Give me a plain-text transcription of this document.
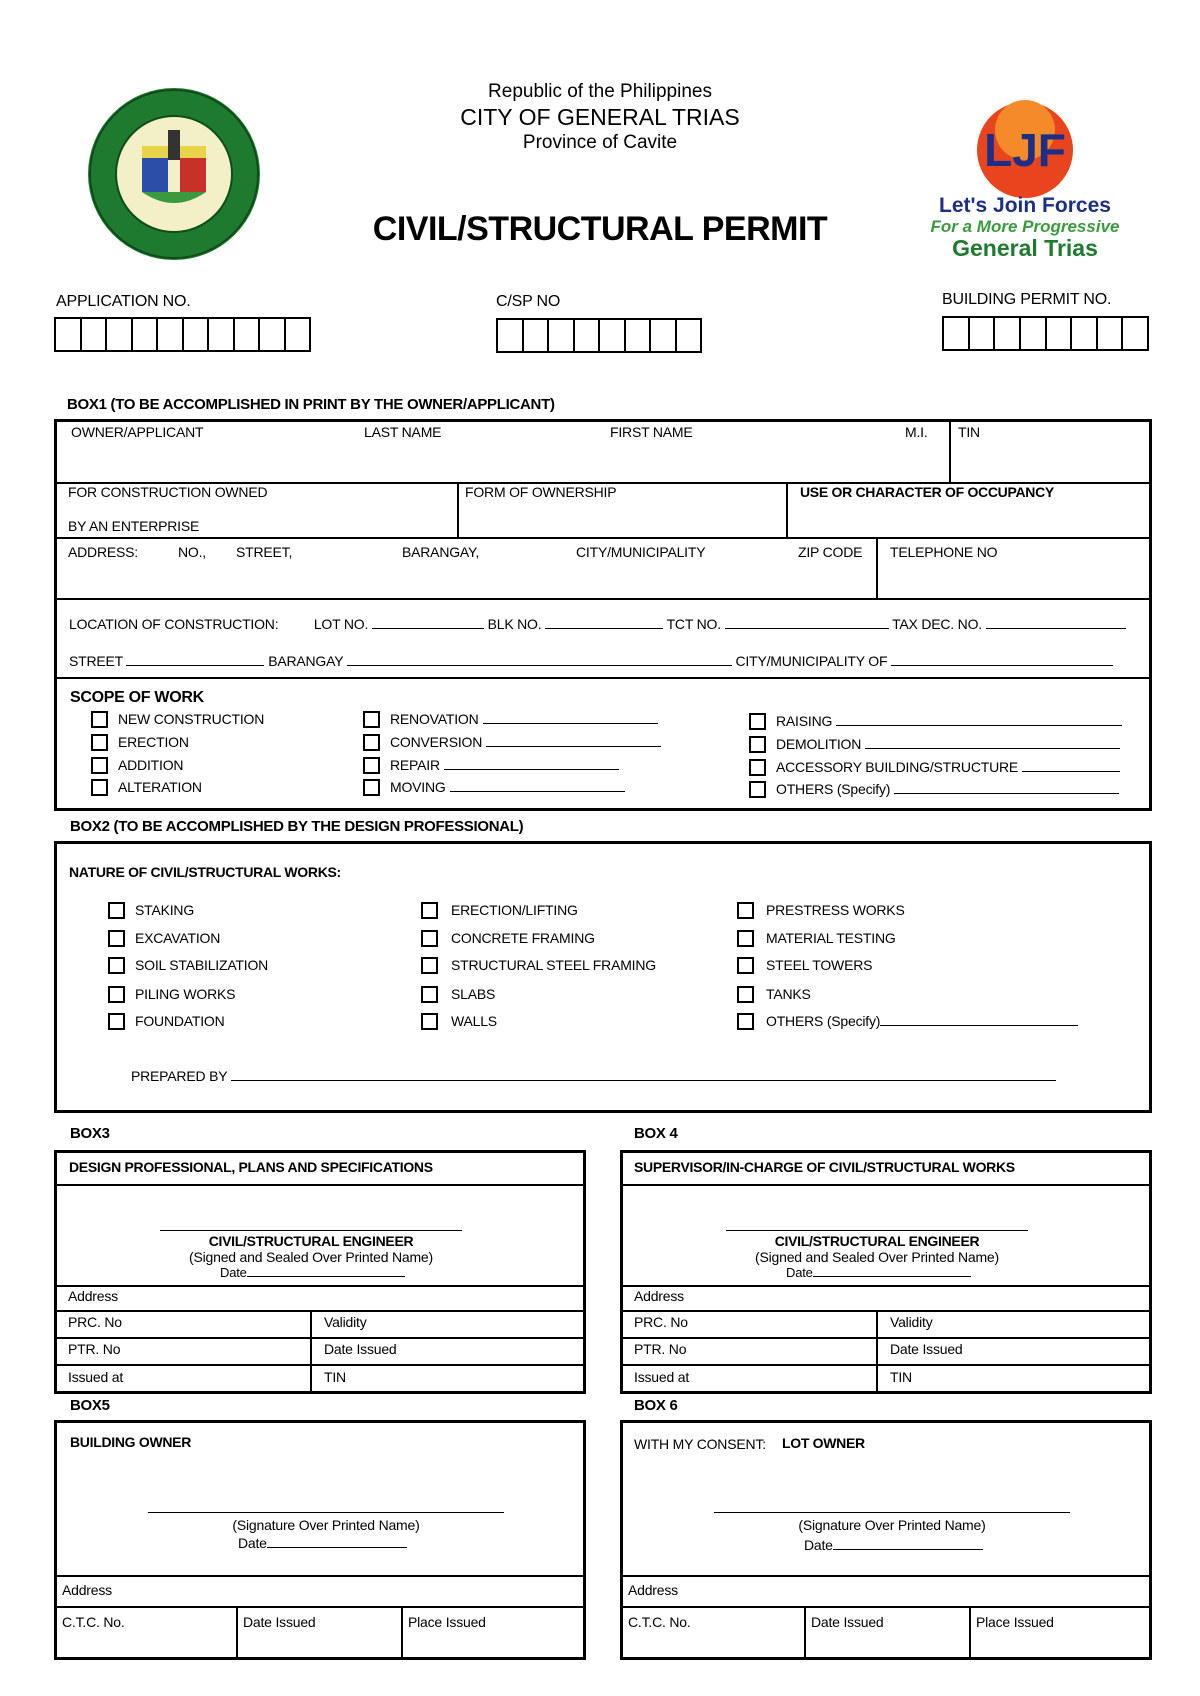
Republic of the Philippines
CITY OF GENERAL TRIAS
Province of Cavite
CIVIL/STRUCTURAL PERMIT
LJF
Let's Join Forces
For a More Progressive
General Trias
APPLICATION NO.	C/SP NO	BUILDING PERMIT NO.
BOX1 (TO BE ACCOMPLISHED IN PRINT BY THE OWNER/APPLICANT)
OWNER/APPLICANT	LAST NAME	FIRST NAME	M.I. TIN
FOR CONSTRUCTION OWNED
BY AN ENTERPRISE
FORM OF OWNERSHIP	USE OR CHARACTER OF OCCUPANCY
ADDRESS:	NO., STREET,	BARANGAY,	CITY/MUNICIPALITY	ZIP CODE TELEPHONE NO
LOCATION OF CONSTRUCTION:	LOT NO.	BLK NO.	TCT NO.	TAX DEC. NO.
STREET	BARANGAY	CITY/MUNICIPALITY OF
SCOPE OF WORK
NEW CONSTRUCTION
ERECTION
ADDITION
ALTERATION
RENOVATION
CONVERSION
REPAIR
MOVING
RAISING
DEMOLITION
ACCESSORY BUILDING/STRUCTURE
OTHERS (Specify)
BOX2 (TO BE ACCOMPLISHED BY THE DESIGN PROFESSIONAL)
NATURE OF CIVIL/STRUCTURAL WORKS:
STAKING
EXCAVATION
SOIL STABILIZATION
PILING WORKS
FOUNDATION
ERECTION/LIFTING
CONCRETE FRAMING
STRUCTURAL STEEL FRAMING
SLABS
WALLS
PRESTRESS WORKS
MATERIAL TESTING
STEEL TOWERS
TANKS
OTHERS (Specify)
PREPARED BY
BOX3
DESIGN PROFESSIONAL, PLANS AND SPECIFICATIONS
CIVIL/STRUCTURAL ENGINEER
(Signed and Sealed Over Printed Name)
Date
Address
PRC. No	Validity
PTR. No	Date Issued
Issued at	TIN
BOX 4
SUPERVISOR/IN-CHARGE OF CIVIL/STRUCTURAL WORKS
CIVIL/STRUCTURAL ENGINEER
(Signed and Sealed Over Printed Name)
Date
Address
PRC. No	Validity
PTR. No	Date Issued
Issued at	TIN
BOX5
BUILDING OWNER
(Signature Over Printed Name)
Date
Address
C.T.C. No.	Date Issued	Place Issued
BOX 6
WITH MY CONSENT: LOT OWNER
(Signature Over Printed Name)
Date
Address
C.T.C. No.	Date Issued	Place Issued
